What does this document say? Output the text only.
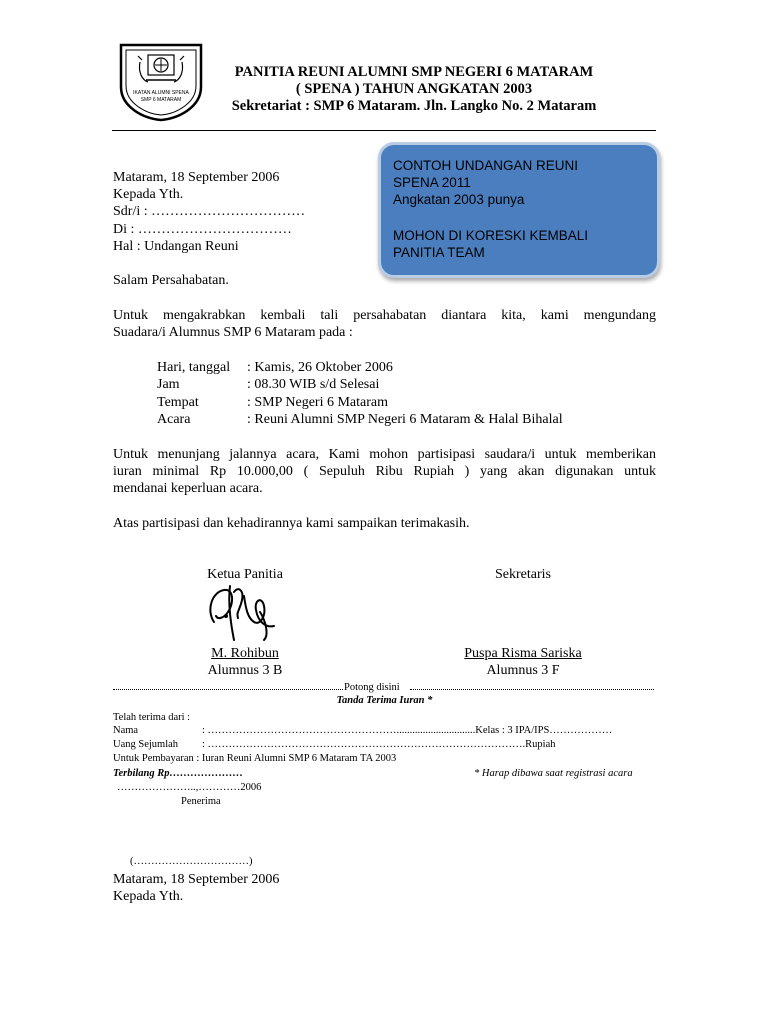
IKATAN ALUMNI SPENA
SMP 6 MATARAM
PANITIA REUNI ALUMNI SMP NEGERI 6 MATARAM
( SPENA ) TAHUN ANGKATAN 2003
Sekretariat : SMP 6 Mataram. Jln. Langko No. 2 Mataram
CONTOH UNDANGAN REUNI
SPENA 2011
Angkatan 2003 punya
MOHON DI KORESKI KEMBALI
PANITIA TEAM
Mataram, 18 September 2006
Kepada Yth.
Sdr/i : ……………………………
Di : ……………………………
Hal : Undangan Reuni
Salam Persahabatan.
Untuk mengakrabkan kembali tali persahabatan diantara kita, kami mengundang
Suadara/i Alumnus SMP 6 Mataram pada :
Hari, tanggal : Kamis, 26 Oktober 2006
Jam	: 08.30 WIB s/d Selesai
Tempat	: SMP Negeri 6 Mataram
Acara	: Reuni Alumni SMP Negeri 6 Mataram & Halal Bihalal
Untuk menunjang jalannya acara, Kami mohon partisipasi saudara/i untuk memberikan
iuran minimal Rp 10.000,00 ( Sepuluh Ribu Rupiah ) yang akan digunakan untuk
mendanai keperluan acara.
Atas partisipasi dan kehadirannya kami sampaikan terimakasih.
Ketua Panitia	Sekretaris
M. Rohibun
Alumnus 3 B
Puspa Risma Sariska
Alumnus 3 F
Potong disini
Tanda Terima Iuran *
Telah terima dari :
Nama	: ………………………………………………..............................Kelas : 3 IPA/IPS………………
Uang Sejumlah : ……………………………………………………………………………….Rupiah
Untuk Pembayaran : Iuran Reuni Alumni SMP 6 Mataram TA 2003
Terbilang Rp…………………	* Harap dibawa saat registrasi acara
…………………..,…………2006
Penerima
(……………………………)
Mataram, 18 September 2006
Kepada Yth.
